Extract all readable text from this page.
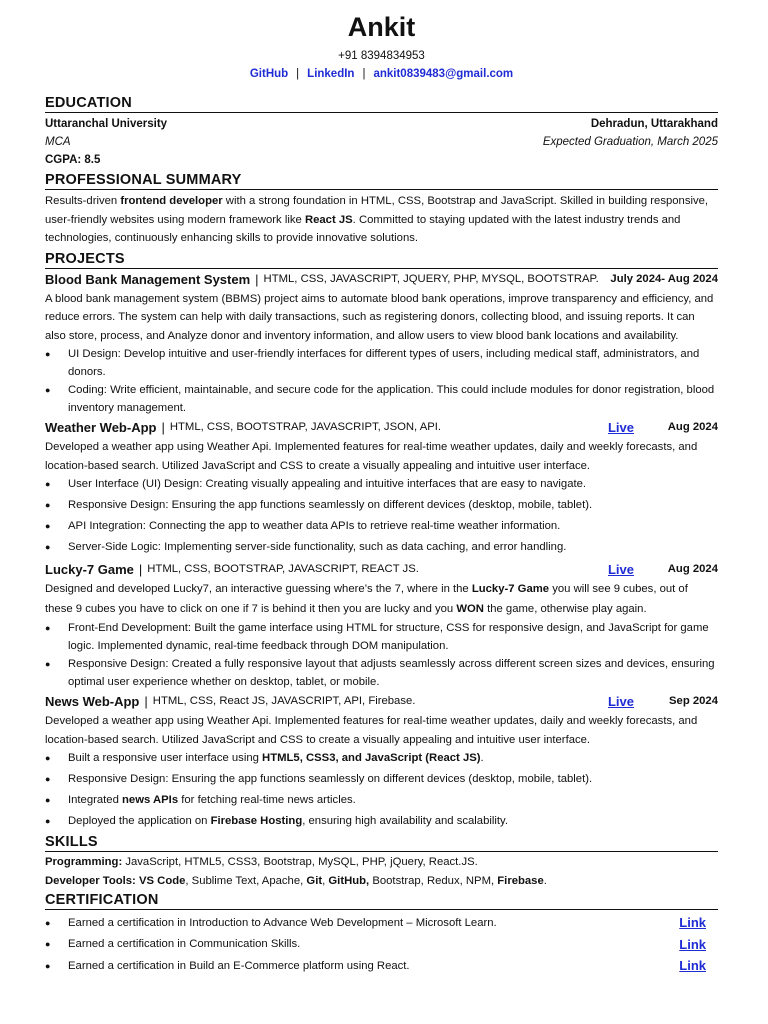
Ankit
+91 8394834953
GitHub | LinkedIn | ankit0839483@gmail.com
EDUCATION
Uttaranchal University	Dehradun, Uttarakhand
MCA	Expected Graduation, March 2025
CGPA: 8.5
PROFESSIONAL SUMMARY

Results-driven frontend developer with a strong foundation in HTML, CSS, Bootstrap and JavaScript. Skilled in building responsive, user-friendly websites using modern framework like React JS. Committed to staying updated with the latest industry trends and technologies, continuously enhancing skills to provide innovative solutions.

PROJECTS
Blood Bank Management System | HTML, CSS, JAVASCRIPT, JQUERY, PHP, MYSQL, BOOTSTRAP.	July 2024- Aug 2024

A blood bank management system (BBMS) project aims to automate blood bank operations, improve transparency and efficiency, and reduce errors. The system can help with daily transactions, such as registering donors, collecting blood, and issuing reports. It can also store, process, and Analyze donor and inventory information, and allow users to view blood bank locations and availability.

● UI Design: Develop intuitive and user-friendly interfaces for different types of users, including medical staff, administrators, and donors.
● Coding: Write efficient, maintainable, and secure code for the application. This could include modules for donor registration, blood inventory management.
Weather Web-App | HTML, CSS, BOOTSTRAP, JAVASCRIPT, JSON, API.	Live	Aug 2024

Developed a weather app using Weather Api. Implemented features for real-time weather updates, daily and weekly forecasts, and location-based search. Utilized JavaScript and CSS to create a visually appealing and intuitive user interface.

● User Interface (UI) Design: Creating visually appealing and intuitive interfaces that are easy to navigate.
● Responsive Design: Ensuring the app functions seamlessly on different devices (desktop, mobile, tablet).
● API Integration: Connecting the app to weather data APIs to retrieve real-time weather information.
● Server-Side Logic: Implementing server-side functionality, such as data caching, and error handling.
Lucky-7 Game | HTML, CSS, BOOTSTRAP, JAVASCRIPT, REACT JS.	Live	Aug 2024

Designed and developed Lucky7, an interactive guessing where’s the 7, where in the Lucky-7 Game you will see 9 cubes, out of these 9 cubes you have to click on one if 7 is behind it then you are lucky and you WON the game, otherwise play again.

● Front-End Development: Built the game interface using HTML for structure, CSS for responsive design, and JavaScript for game logic. Implemented dynamic, real-time feedback through DOM manipulation.
● Responsive Design: Created a fully responsive layout that adjusts seamlessly across different screen sizes and devices, ensuring optimal user experience whether on desktop, tablet, or mobile.
News Web-App | HTML, CSS, React JS, JAVASCRIPT, API, Firebase.	Live	Sep 2024

Developed a weather app using Weather Api. Implemented features for real-time weather updates, daily and weekly forecasts, and location-based search. Utilized JavaScript and CSS to create a visually appealing and intuitive user interface.

● Built a responsive user interface using HTML5, CSS3, and JavaScript (React JS).
● Responsive Design: Ensuring the app functions seamlessly on different devices (desktop, mobile, tablet).
● Integrated news APIs for fetching real-time news articles.
● Deployed the application on Firebase Hosting, ensuring high availability and scalability.
SKILLS
Programming: JavaScript, HTML5, CSS3, Bootstrap, MySQL, PHP, jQuery, React.JS.
Developer Tools: VS Code, Sublime Text, Apache, Git, GitHub, Bootstrap, Redux, NPM, Firebase.
CERTIFICATION
● Earned a certification in Introduction to Advance Web Development – Microsoft Learn.	Link
● Earned a certification in Communication Skills.	Link
● Earned a certification in Build an E-Commerce platform using React.	Link
